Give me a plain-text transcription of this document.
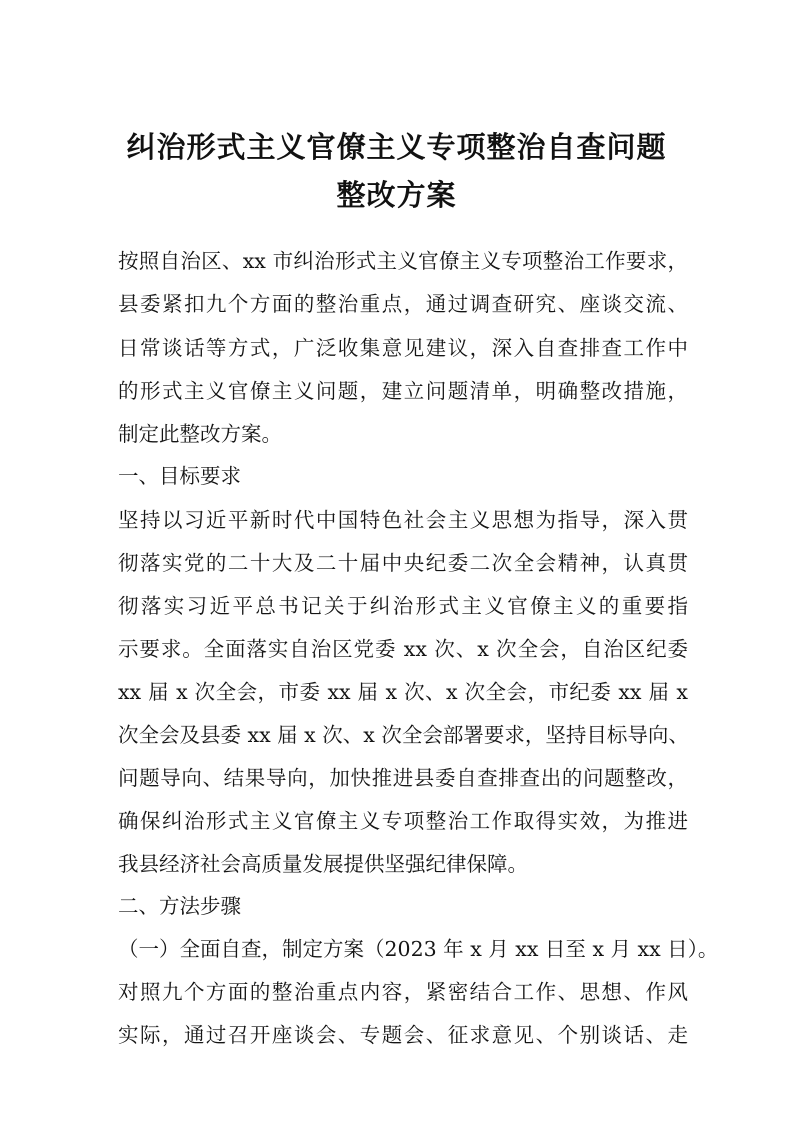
纠治形式主义官僚主义专项整治自查问题
整改方案
按照自治区、xx 市纠治形式主义官僚主义专项整治工作要求，
县委紧扣九个方面的整治重点，通过调查研究、座谈交流、
日常谈话等方式，广泛收集意见建议，深入自查排查工作中
的形式主义官僚主义问题，建立问题清单，明确整改措施，
制定此整改方案。
一、目标要求
坚持以习近平新时代中国特色社会主义思想为指导，深入贯
彻落实党的二十大及二十届中央纪委二次全会精神，认真贯
彻落实习近平总书记关于纠治形式主义官僚主义的重要指
示要求。全面落实自治区党委 xx 次、x 次全会，自治区纪委
xx 届 x 次全会，市委 xx 届 x 次、x 次全会，市纪委 xx 届 x
次全会及县委 xx 届 x 次、x 次全会部署要求，坚持目标导向、
问题导向、结果导向，加快推进县委自查排查出的问题整改，
确保纠治形式主义官僚主义专项整治工作取得实效，为推进
我县经济社会高质量发展提供坚强纪律保障。
二、方法步骤
（一）全面自查，制定方案（2023 年 x 月 xx 日至 x 月 xx 日）。
对照九个方面的整治重点内容，紧密结合工作、思想、作风
实际，通过召开座谈会、专题会、征求意见、个别谈话、走
